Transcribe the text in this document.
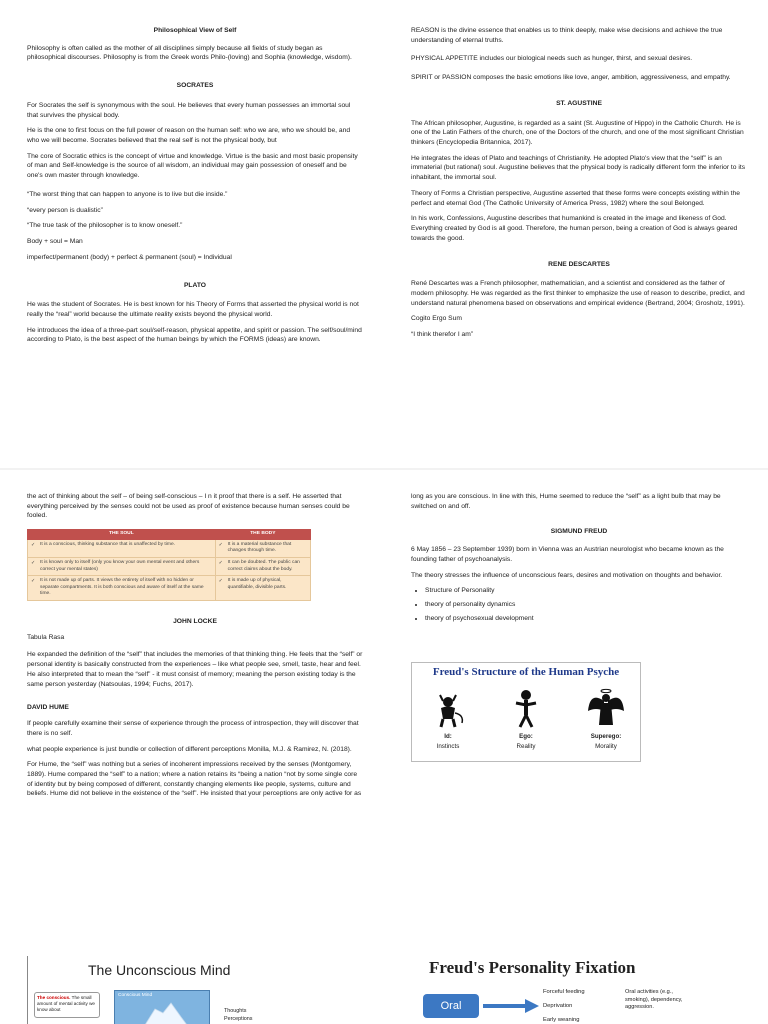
Philosophical View of Self

Philosophy is often called as the mother of all disciplines simply because all fields of study began as philosophical discourses. Philosophy is from the Greek words Philo-(loving) and Sophia (knowledge, wisdom).

SOCRATES

For Socrates the self is synonymous with the soul. He believes that every human possesses an immortal soul that survives the physical body.

He is the one to first focus on the full power of reason on the human self: who we are, who we should be, and who we will become. Socrates believed that the real self is not the physical body, but

The core of Socratic ethics is the concept of virtue and knowledge. Virtue is the basic and most basic propensity of man and Self-knowledge is the source of all wisdom, an individual may gain possession of oneself and be one's own master through knowledge.

“The worst thing that can happen to anyone is to live but die inside.”

“every person is dualistic”

“The true task of the philosopher is to know oneself.”

Body + soul = Man

imperfect/permanent (body) + perfect & permanent (soul) = Individual

PLATO

He was the student of Socrates. He is best known for his Theory of Forms that asserted the physical world is not really the “real” world because the ultimate reality exists beyond the physical world.

He introduces the idea of a three-part soul/self-reason, physical appetite, and spirit or passion. The self/soul/mind according to Plato, is the best aspect of the human beings by which the FORMS (ideas) are known.

REASON is the divine essence that enables us to think deeply, make wise decisions and achieve the true understanding of eternal truths.

PHYSICAL APPETITE includes our biological needs such as hunger, thirst, and sexual desires.

SPIRIT or PASSION composes the basic emotions like love, anger, ambition, aggressiveness, and empathy.

ST. AGUSTINE

The African philosopher, Augustine, is regarded as a saint (St. Augustine of Hippo) in the Catholic Church. He is one of the Latin Fathers of the church, one of the Doctors of the church, and one of the most significant Christian thinkers (Encyclopedia Britannica, 2017).

He integrates the ideas of Plato and teachings of Christianity. He adopted Plato's view that the “self” is an immaterial (but rational) soul. Augustine believes that the physical body is radically different form the inferior to its inhabitant, the immortal soul.

Theory of Forms a Christian perspective, Augustine asserted that these forms were concepts existing within the perfect and eternal God (The Catholic University of America Press, 1982) where the soul Belonged.

In his work, Confessions, Augustine describes that humankind is created in the image and likeness of God. Everything created by God is all good. Therefore, the human person, being a creation of God is always geared towards the good.

RENE DESCARTES

René Descartes was a French philosopher, mathematician, and a scientist and considered as the father of modern philosophy. He was regarded as the first thinker to emphasize the use of reason to describe, predict, and understand natural phenomena based on observations and empirical evidence (Bertrand, 2004; Grosholz, 1991).

Cogito Ergo Sum

“I think therefor I am”

the act of thinking about the self – of being self-conscious – I n it proof that there is a self. He asserted that everything perceived by the senses could not be used as proof of existence because human senses could be fooled.

THE SOUL	THE BODY

✓ It is a conscious, thinking substance that is unaffected by time.	✓ It is a material substance that changes through time.

✓ It is known only to itself (only you know your own mental event and others correct your mental states)	✓ It can be doubted. The public can correct claims about the body.

✓ It is not made up of parts. It views the entirety of itself with no hidden or separate compartments. It is both conscious and aware of itself at the same time.	✓ It is made up of physical, quantifiable, divisible parts.
JOHN LOCKE

Tabula Rasa

He expanded the definition of the “self” that includes the memories of that thinking thing. He feels that the “self” or personal identity is basically constructed from the experiences – like what people see, smell, taste, hear and feel. He also interpreted that to mean the “self” - it must consist of memory; meaning the person existing today is the same person yesterday (Natsoulas, 1994; Fuchs, 2017).

DAVID HUME

If people carefully examine their sense of experience through the process of introspection, they will discover that there is no self.

what people experience is just bundle or collection of different perceptions Monilla, M.J. & Ramirez, N. (2018).

For Hume, the “self” was nothing but a series of incoherent impressions received by the senses (Montgomery, 1889). Hume compared the “self” to a nation; where a nation retains its “being a nation “not by some single core of identity but by being composed of different, constantly changing elements like people, systems, culture and beliefs. Hume did not believe in the existence of the “self”. He insisted that your perceptions are only active for as

long as you are conscious. In line with this, Hume seemed to reduce the “self” as a light bulb that may be switched on and off.

SIGMUND FREUD

6 May 1856 – 23 September 1939) born in Vienna was an Austrian neurologist who became known as the founding father of psychoanalysis.

The theory stresses the influence of unconscious fears, desires and motivation on thoughts and behavior.

• Structure of Personality
• theory of personality dynamics
• theory of psychosexual development
Freud's Structure of the Human Psyche
Id:
Instincts
Ego:
Reality
Superego:
Morality
The Unconscious Mind
The conscious. The small amount of mental activity we know about
Conscious Mind
Thoughts
Perceptions
Freud's Personality Fixation
Oral
Forceful feeding
Deprivation
Early weaning
Oral activities (e.g., smoking), dependency, aggression.
